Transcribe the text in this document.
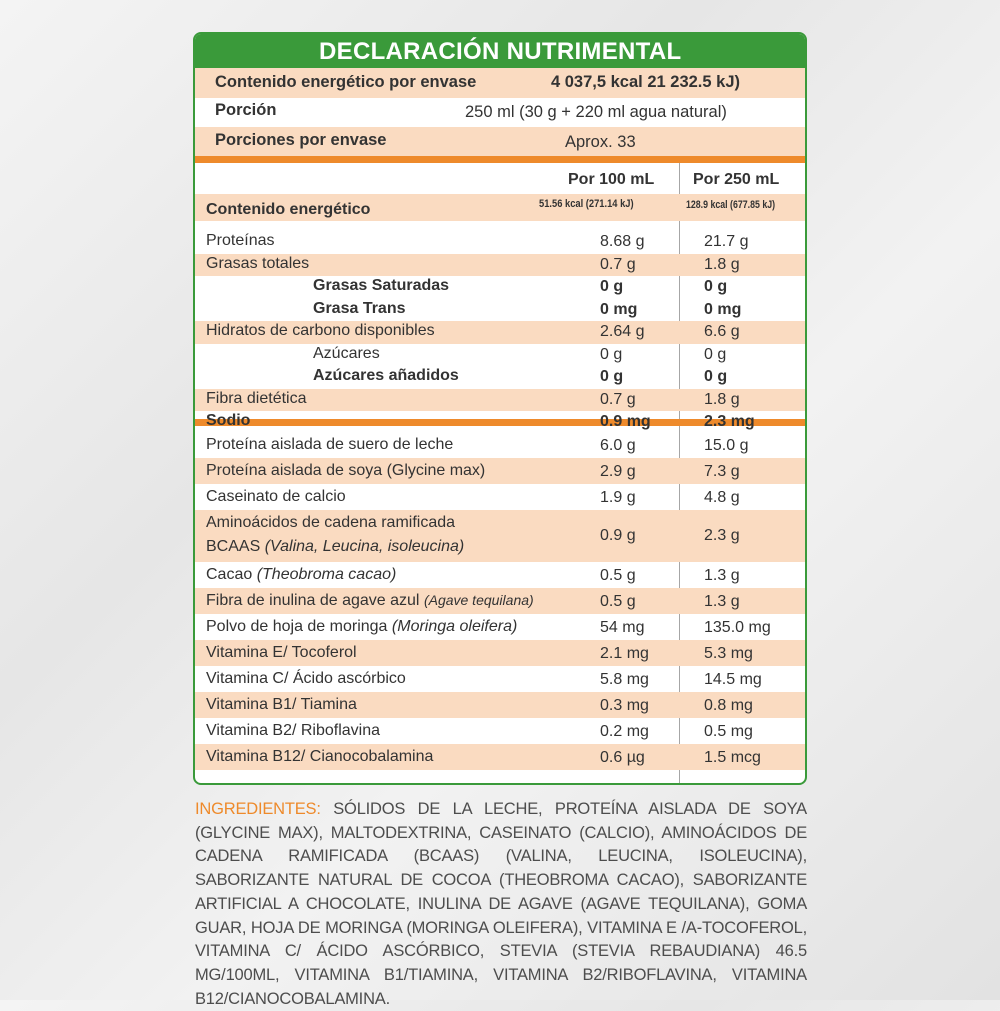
DECLARACIÓN NUTRIMENTAL
Contenido energético por envase	4 037,5 kcal 21 232.5 kJ)
Porción	250 ml (30 g + 220 ml agua natural)
Porciones por envase	Aprox. 33
Por 100 mL Por 250 mL
Contenido energético	51.56 kcal (271.14 kJ)	128.9 kcal (677.85 kJ)
Proteínas	8.68 g	21.7 g
Grasas totales	0.7 g	1.8 g
Grasas Saturadas	0 g	0 g
Grasa Trans	0 mg	0 mg
Hidratos de carbono disponibles	2.64 g	6.6 g
Azúcares	0 g	0 g
Azúcares añadidos	0 g	0 g
Fibra dietética	0.7 g	1.8 g
Sodio	0.9 mg	2.3 mg
Proteína aislada de suero de leche	6.0 g	15.0 g
Proteína aislada de soya (Glycine max)	2.9 g	7.3 g
Caseinato de calcio	1.9 g	4.8 g
Aminoácidos de cadena ramificada
BCAAS (Valina, Leucina, isoleucina)
0.9 g	2.3 g
Cacao (Theobroma cacao)	0.5 g	1.3 g
Fibra de inulina de agave azul (Agave tequilana)	0.5 g	1.3 g
Polvo de hoja de moringa (Moringa oleifera)	54 mg	135.0 mg
Vitamina E/ Tocoferol	2.1 mg	5.3 mg
Vitamina C/ Ácido ascórbico	5.8 mg	14.5 mg
Vitamina B1/ Tiamina	0.3 mg	0.8 mg
Vitamina B2/ Riboflavina	0.2 mg	0.5 mg
Vitamina B12/ Cianocobalamina	0.6 µg	1.5 mcg
INGREDIENTES: SÓLIDOS DE LA LECHE, PROTEÍNA AISLADA DE SOYA (GLYCINE MAX), MALTODEXTRINA, CASEINATO (CALCIO), AMINOÁCIDOS DE CADENA RAMIFICADA (BCAAS) (VALINA, LEUCINA, ISOLEUCINA), SABORIZANTE NATURAL DE COCOA (THEOBROMA CACAO), SABORIZANTE ARTIFICIAL A CHOCOLATE, INULINA DE AGAVE (AGAVE TEQUILANA), GOMA GUAR, HOJA DE MORINGA (MORINGA OLEIFERA), VITAMINA E /A-TOCOFEROL, VITAMINA C/ ÁCIDO ASCÓRBICO, STEVIA (STEVIA REBAUDIANA) 46.5 MG/100ML, VITAMINA B1/TIAMINA, VITAMINA B2/RIBOFLAVINA, VITAMINA B12/CIANOCOBALAMINA.
